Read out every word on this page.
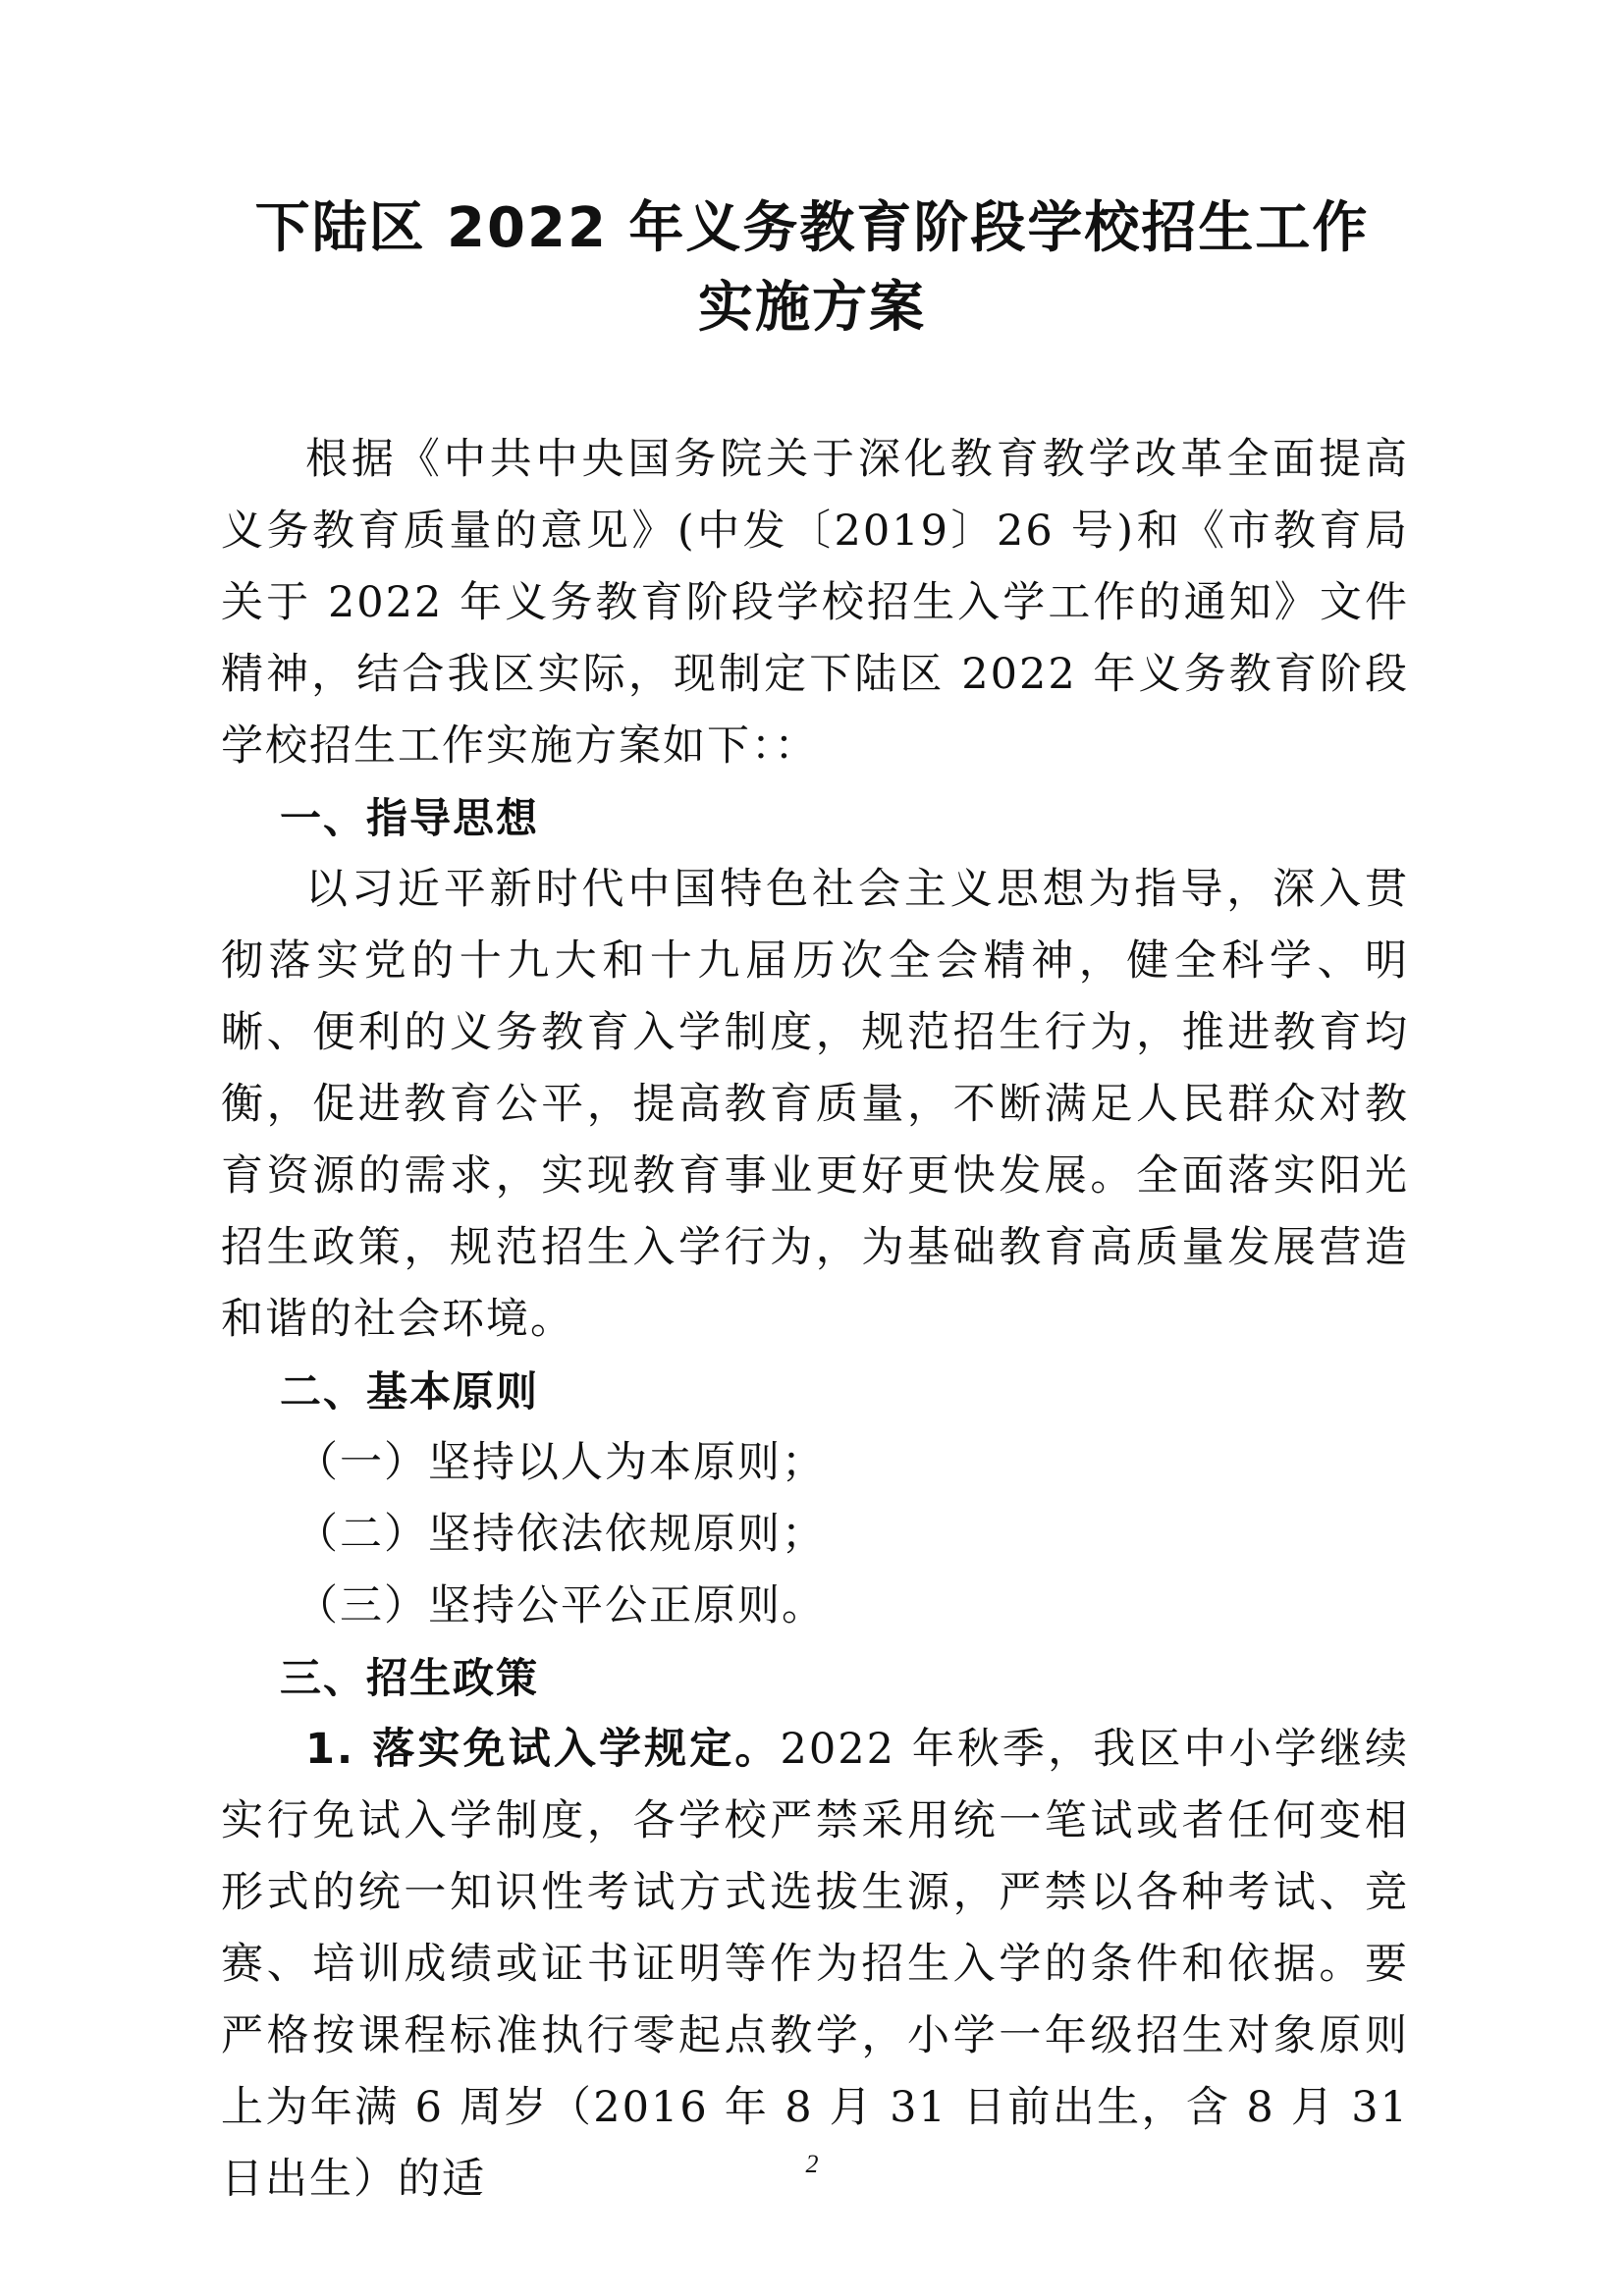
下陆区 2022 年义务教育阶段学校招生工作
实施方案

根据《中共中央国务院关于深化教育教学改革全面提高义务教育质量的意见》(中发〔2019〕26 号)和《市教育局关于 2022 年义务教育阶段学校招生入学工作的通知》文件精神，结合我区实际，现制定下陆区 2022 年义务教育阶段学校招生工作实施方案如下：：

一、指导思想

以习近平新时代中国特色社会主义思想为指导，深入贯彻落实党的十九大和十九届历次全会精神，健全科学、明晰、便利的义务教育入学制度，规范招生行为，推进教育均衡，促进教育公平，提高教育质量，不断满足人民群众对教育资源的需求，实现教育事业更好更快发展。全面落实阳光招生政策，规范招生入学行为，为基础教育高质量发展营造和谐的社会环境。

二、基本原则

（一）坚持以人为本原则；

（二）坚持依法依规原则；

（三）坚持公平公正原则。

三、招生政策

1. 落实免试入学规定。2022 年秋季，我区中小学继续实行免试入学制度，各学校严禁采用统一笔试或者任何变相形式的统一知识性考试方式选拔生源，严禁以各种考试、竞赛、培训成绩或证书证明等作为招生入学的条件和依据。要严格按课程标准执行零起点教学，小学一年级招生对象原则上为年满 6 周岁（2016 年 8 月 31 日前出生，含 8 月 31 日出生）的适	2
